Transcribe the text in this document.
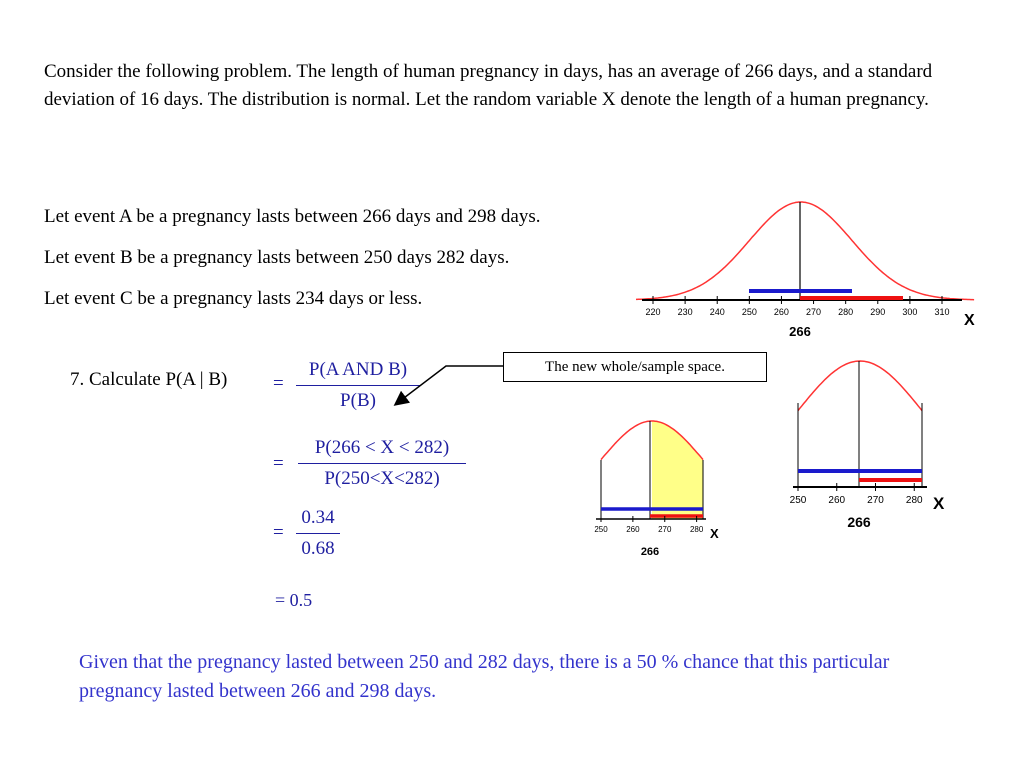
Consider the following problem. The length of human pregnancy in days, has an average of 266 days, and a standard deviation of 16 days. The distribution is normal. Let the random variable X denote the length of a human pregnancy.
Let event A be a pregnancy lasts between 266 days and 298 days.
Let event B be a pregnancy lasts between 250 days 282 days.
Let event C be a pregnancy lasts 234 days or less.
7. Calculate P(A | B) =
P(A AND B)
P(B)
=
P(266 < X < 282)
P(250<X<282)
=
0.34
0.68
= 0.5
The new whole/sample space.
220 230 240 250 260 270 280 290 300 310
266
X
250 260 270 280
266
X
250 260 270 280
266
X
Given that the pregnancy lasted between 250 and 282 days, there is a 50 % chance that this particular pregnancy lasted between 266 and 298 days.
